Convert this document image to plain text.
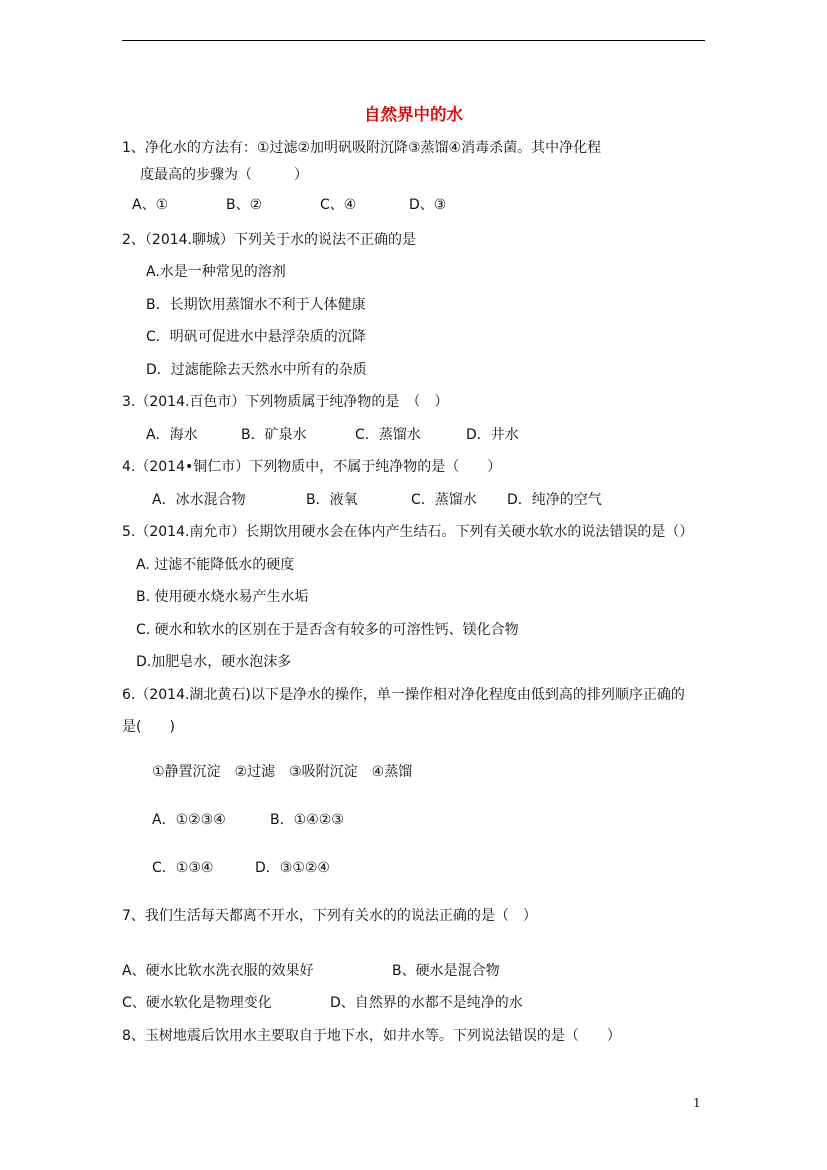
自然界中的水
1、净化水的方法有：①过滤②加明矾吸附沉降③蒸馏④消毒杀菌。其中净化程
度最高的步骤为（　　　）
A、①	B、②	C、④	D、③
2、（2014.聊城）下列关于水的说法不正确的是
A.水是一种常见的溶剂
B．长期饮用蒸馏水不利于人体健康
C．明矾可促进水中悬浮杂质的沉降
D．过滤能除去天然水中所有的杂质
3.（2014.百色市）下列物质属于纯净物的是　（　）
A．海水	B．矿泉水	C．蒸馏水	D．井水
4.（2014•铜仁市）下列物质中，不属于纯净物的是（　　）
A．冰水混合物	B．液氧	C．蒸馏水 D．纯净的空气
5.（2014.南允市）长期饮用硬水会在体内产生结石。下列有关硬水软水的说法错误的是（）
A. 过滤不能降低水的硬度
B. 使用硬水烧水易产生水垢
C. 硬水和软水的区别在于是否含有较多的可溶性钙、镁化合物
D.加肥皂水，硬水泡沫多
6.（2014.湖北黄石)以下是净水的操作，单一操作相对净化程度由低到高的排列顺序正确的
是(　　)
①静置沉淀　②过滤　③吸附沉淀　④蒸馏
A．①②③④	B．①④②③
C．①③④	D．③①②④
7、我们生活每天都离不开水，下列有关水的的说法正确的是（　）
A、硬水比软水洗衣服的效果好	B、硬水是混合物
C、硬水软化是物理变化	D、自然界的水都不是纯净的水
8、玉树地震后饮用水主要取自于地下水，如井水等。下列说法错误的是（　　）
1
